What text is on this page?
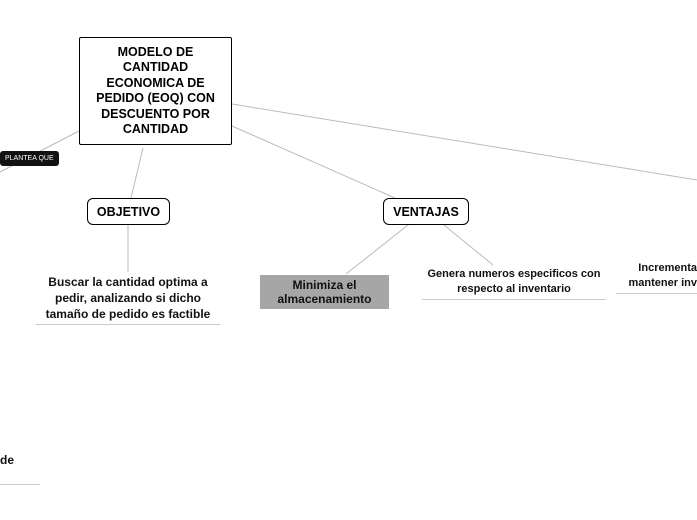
MODELO DE CANTIDAD ECONOMICA DE PEDIDO (EOQ) CON DESCUENTO POR CANTIDAD
PLANTEA QUE
OBJETIVO
Buscar la cantidad optima a pedir, analizando si dicho tamaño de pedido es factible
VENTAJAS
Minimiza el almacenamiento
Genera numeros especificos con respecto al inventario
Incrementa mantener inv
de
